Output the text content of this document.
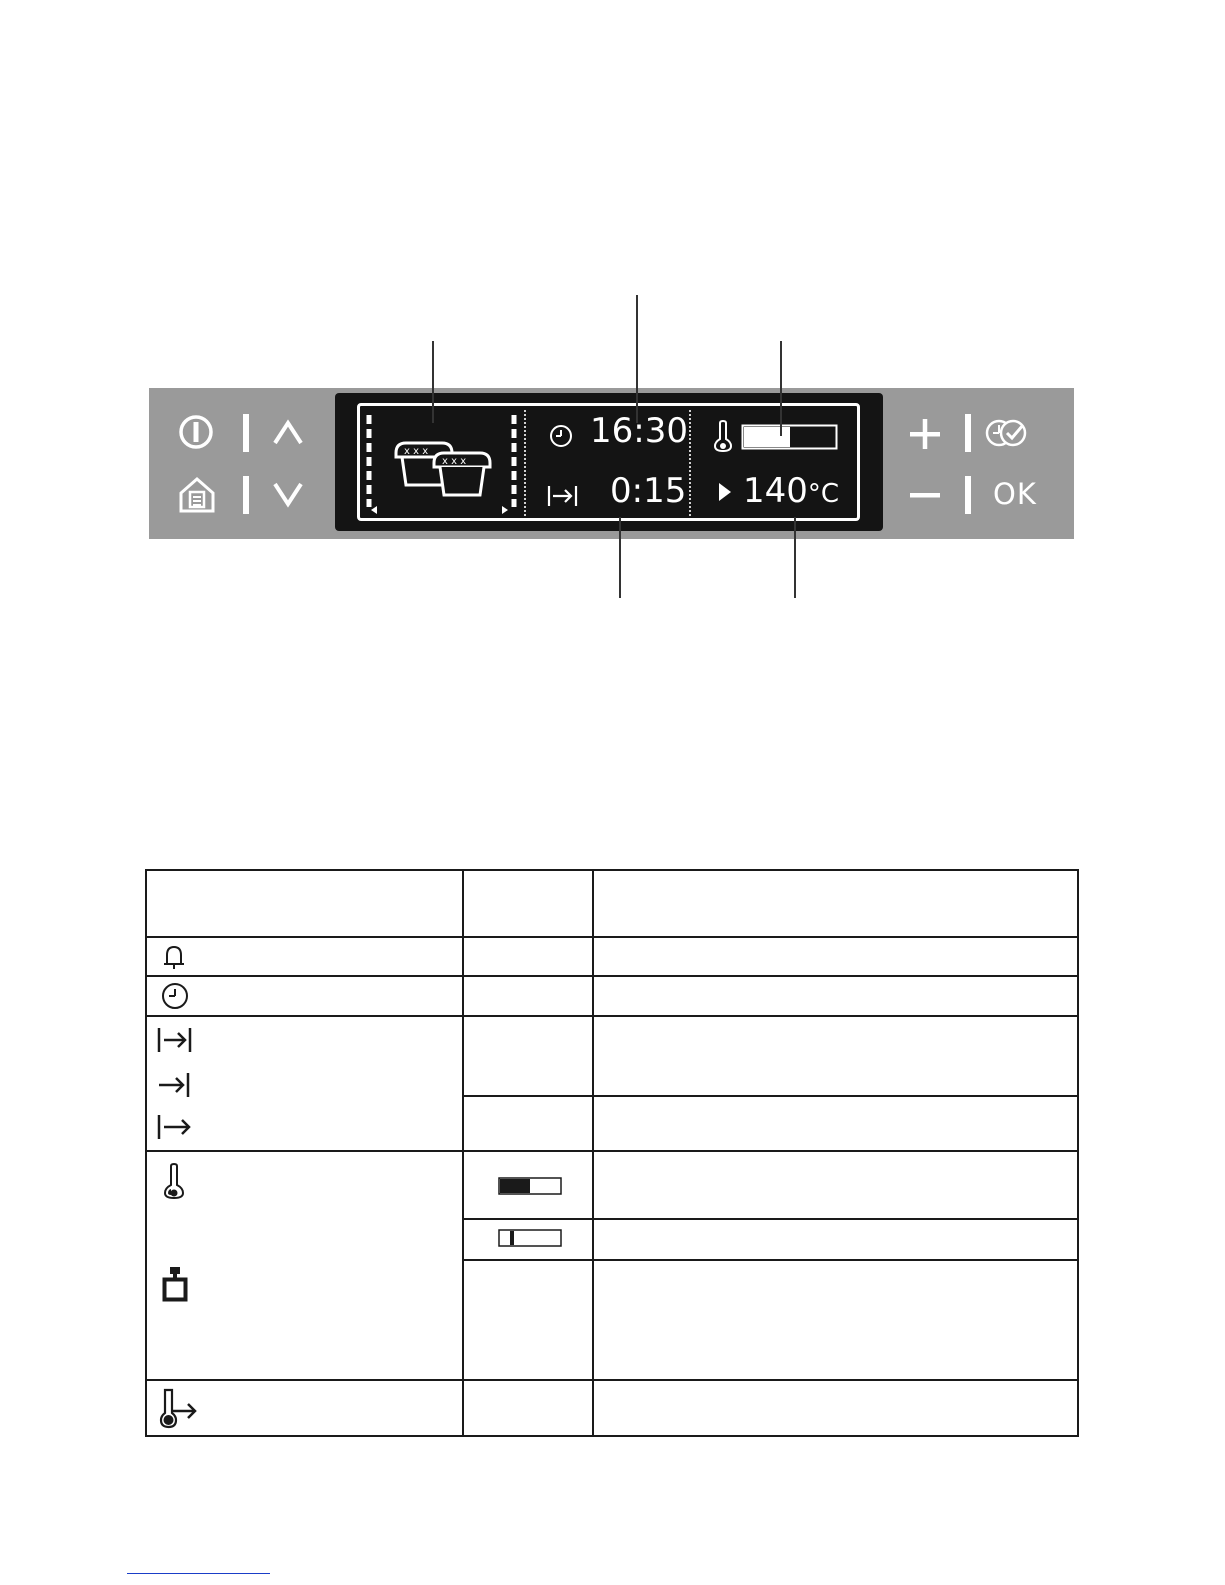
OK
x x x
x x x
16:30
0:15 140°C
